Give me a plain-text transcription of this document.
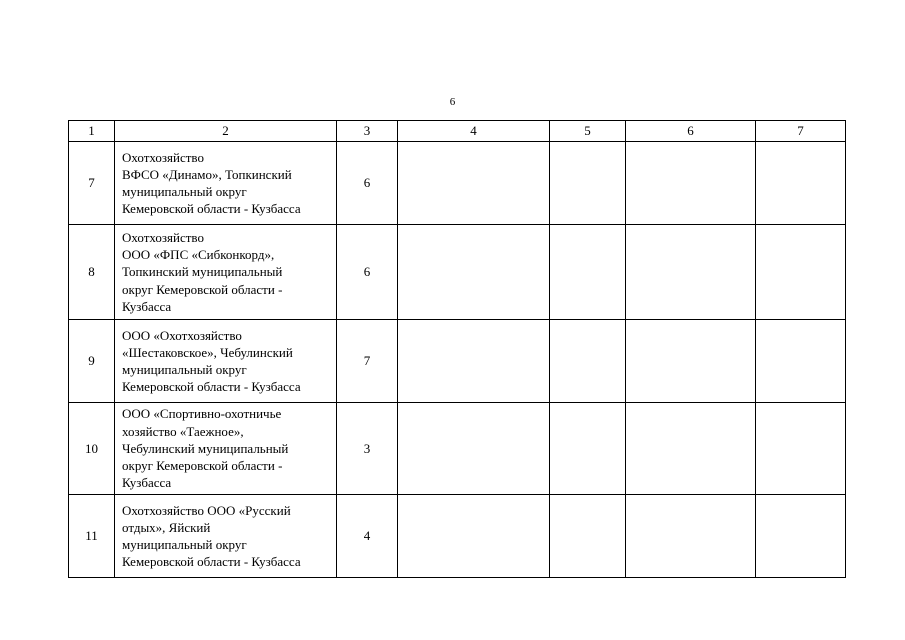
6
1	2	3	4	5	6	7
7	Охотхозяйство
ВФСО «Динамо», Топкинский
муниципальный округ
Кемеровской области - Кузбасса	6				
8	Охотхозяйство
ООО «ФПС «Сибконкорд»,
Топкинский муниципальный
округ Кемеровской области -
Кузбасса	6				
9	ООО «Охотхозяйство
«Шестаковское», Чебулинский
муниципальный округ
Кемеровской области - Кузбасса	7				
10	ООО «Спортивно-охотничье
хозяйство «Таежное»,
Чебулинский муниципальный
округ Кемеровской области -
Кузбасса	3				
11	Охотхозяйство ООО «Русский
отдых», Яйский
муниципальный округ
Кемеровской области - Кузбасса	4				
